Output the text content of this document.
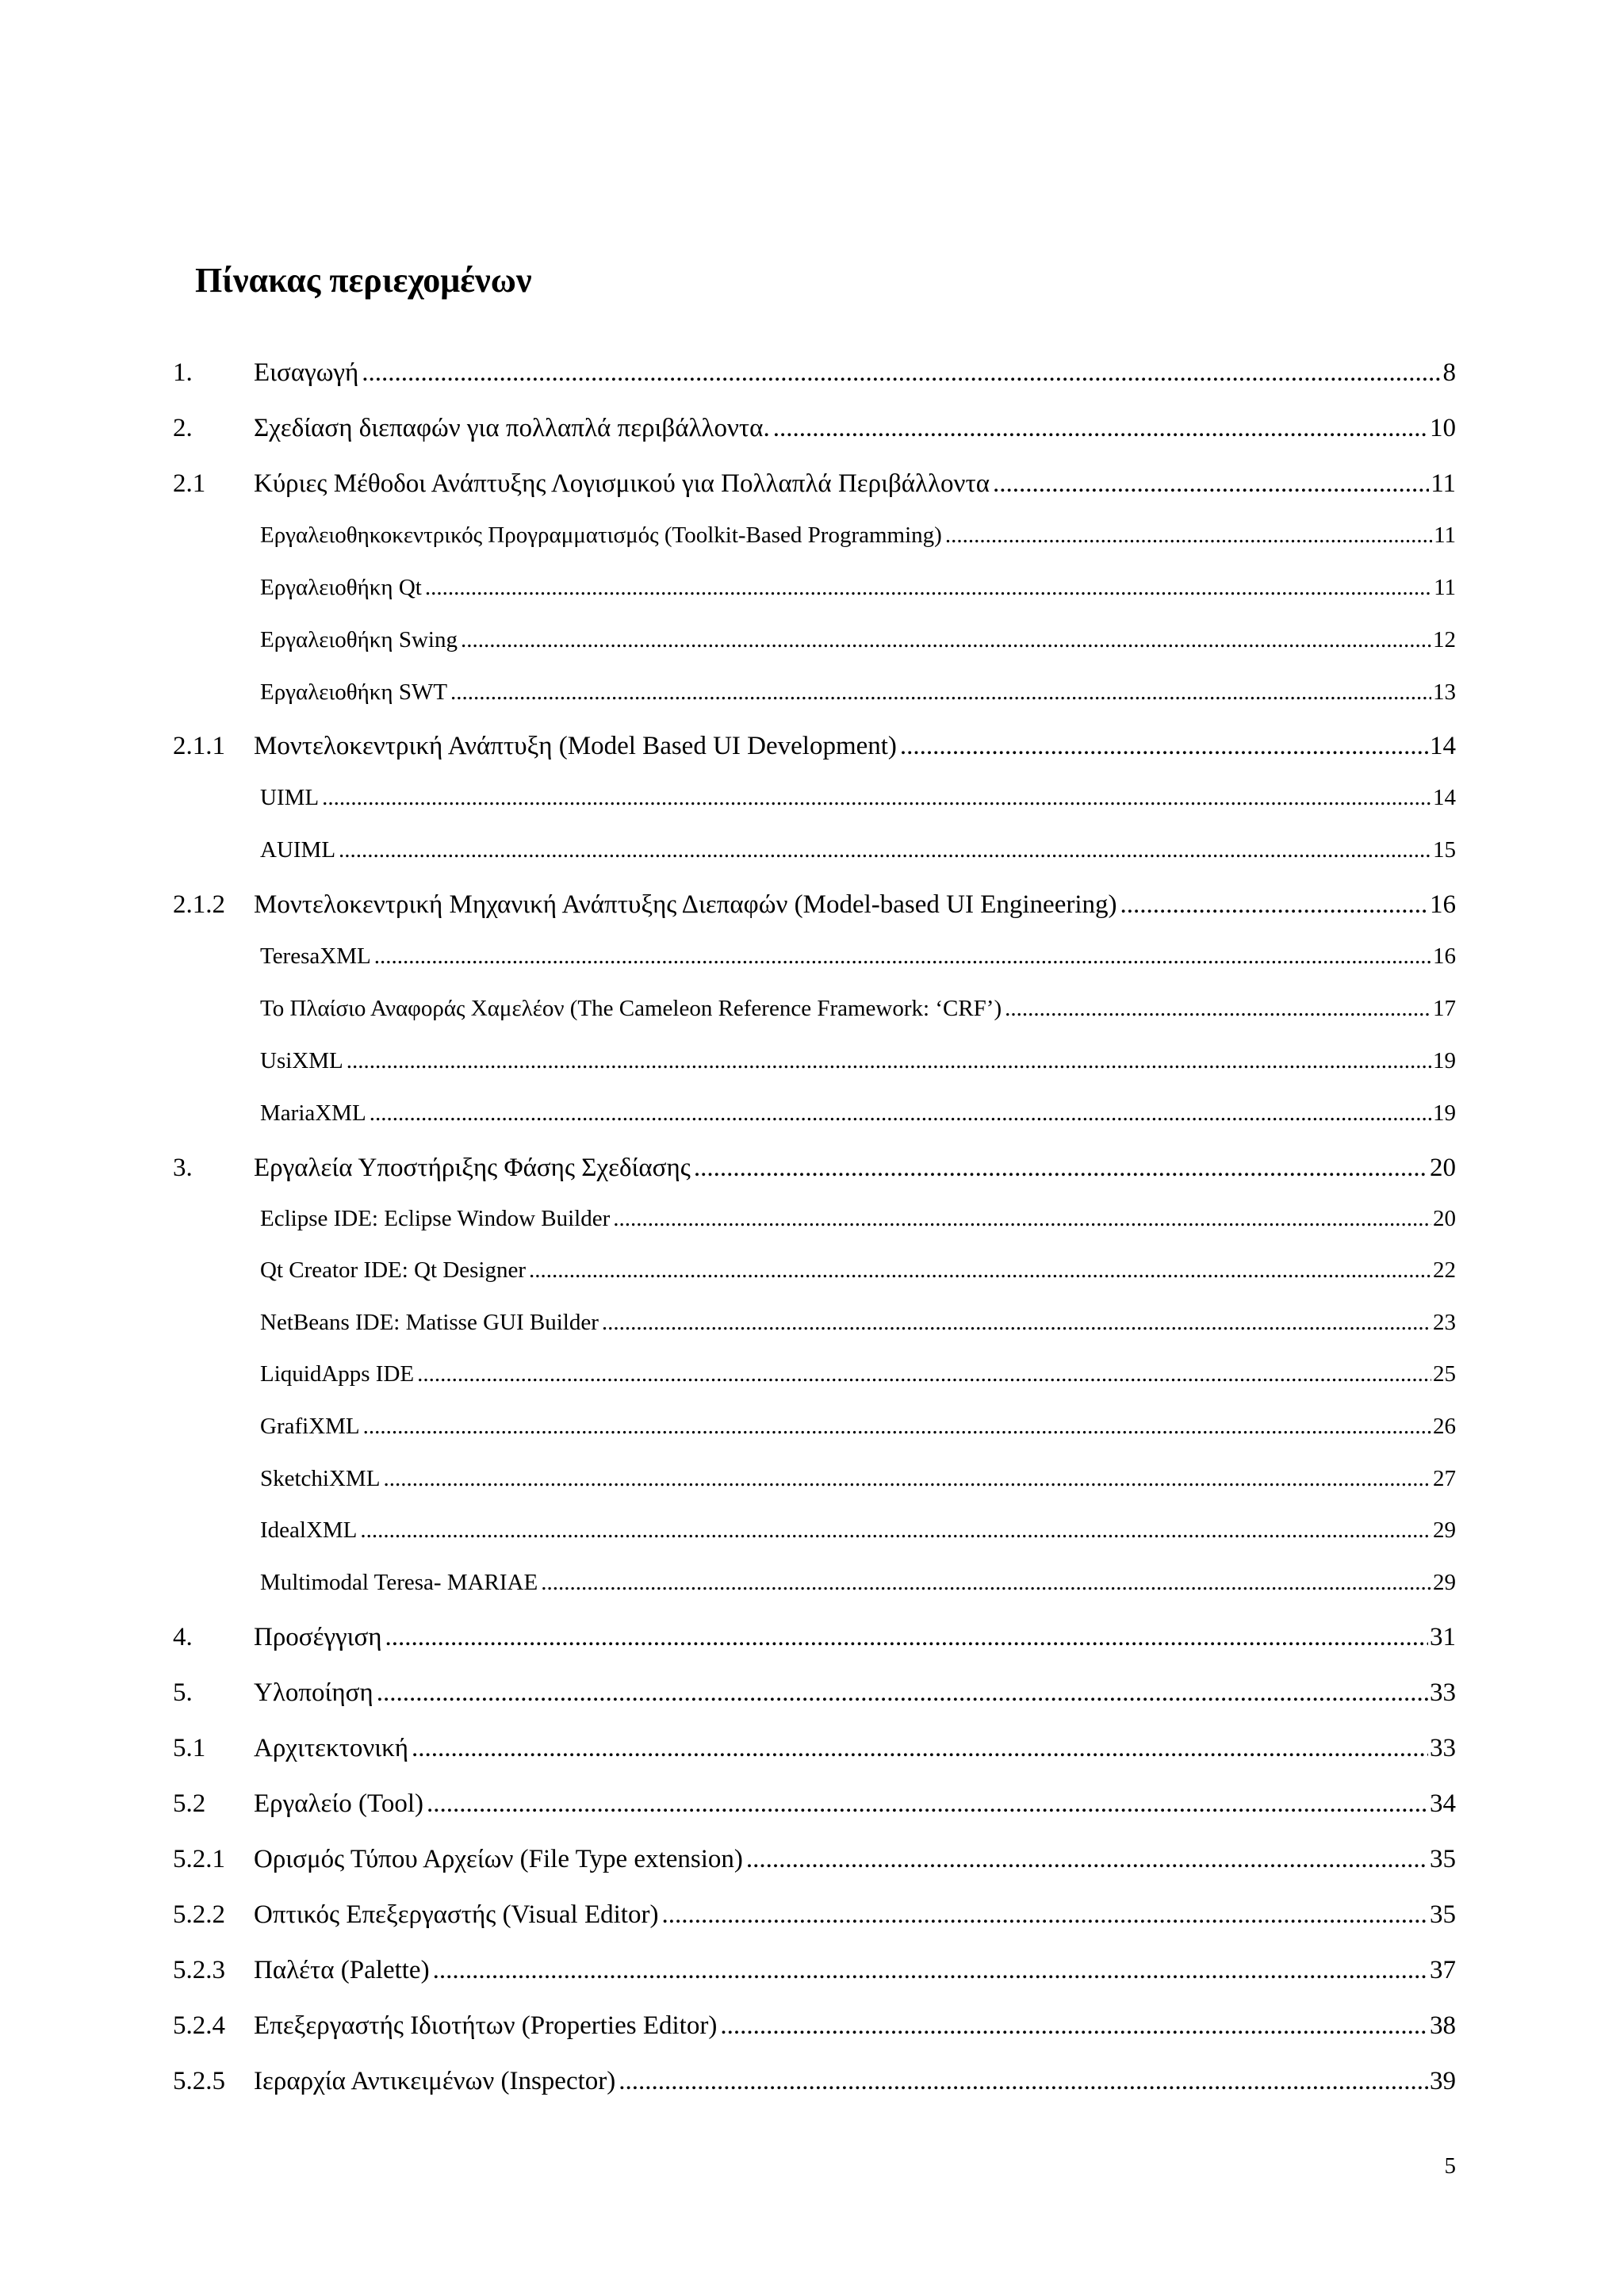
Πίνακας περιεχομένων
1.	Εισαγωγή .....	8
2.	Σχεδίαση διεπαφών για πολλαπλά περιβάλλοντα. .....	10
2.1	Κύριες Μέθοδοι Ανάπτυξης Λογισμικού για Πολλαπλά Περιβάλλοντα .....	11
Εργαλειοθηκοκεντρικός Προγραμματισμός (Toolkit-Based Programming) .....	11
Εργαλειοθήκη Qt .....	11
Εργαλειοθήκη Swing .....	12
Εργαλειοθήκη SWT .....	13
2.1.1	Μοντελοκεντρική Ανάπτυξη (Model Based UI Development) .....	14
UIML .....	14
AUIML .....	15
2.1.2	Μοντελοκεντρική Μηχανική Ανάπτυξης Διεπαφών (Model-based UI Engineering) .....	16
TeresaXML .....	16
Το Πλαίσιο Αναφοράς Χαμελέον (The Cameleon Reference Framework: ‘CRF’) .....	17
UsiXML .....	19
MariaXML .....	19
3.	Εργαλεία Υποστήριξης Φάσης Σχεδίασης .....	20
Eclipse IDE: Eclipse Window Builder .....	20
Qt Creator IDE: Qt Designer .....	22
NetBeans IDE: Matisse GUI Builder .....	23
LiquidApps IDE .....	25
GrafiXML .....	26
SketchiXML .....	27
IdealXML .....	29
Multimodal Teresa- MARIAE .....	29
4.	Προσέγγιση .....	31
5.	Υλοποίηση .....	33
5.1	Αρχιτεκτονική .....	33
5.2	Εργαλείο (Tool) .....	34
5.2.1	Ορισμός Τύπου Αρχείων (File Type extension) .....	35
5.2.2	Οπτικός Επεξεργαστής (Visual Editor) .....	35
5.2.3	Παλέτα (Palette) .....	37
5.2.4	Επεξεργαστής Ιδιοτήτων (Properties Editor) .....	38
5.2.5	Ιεραρχία Αντικειμένων (Inspector) .....	39
5
